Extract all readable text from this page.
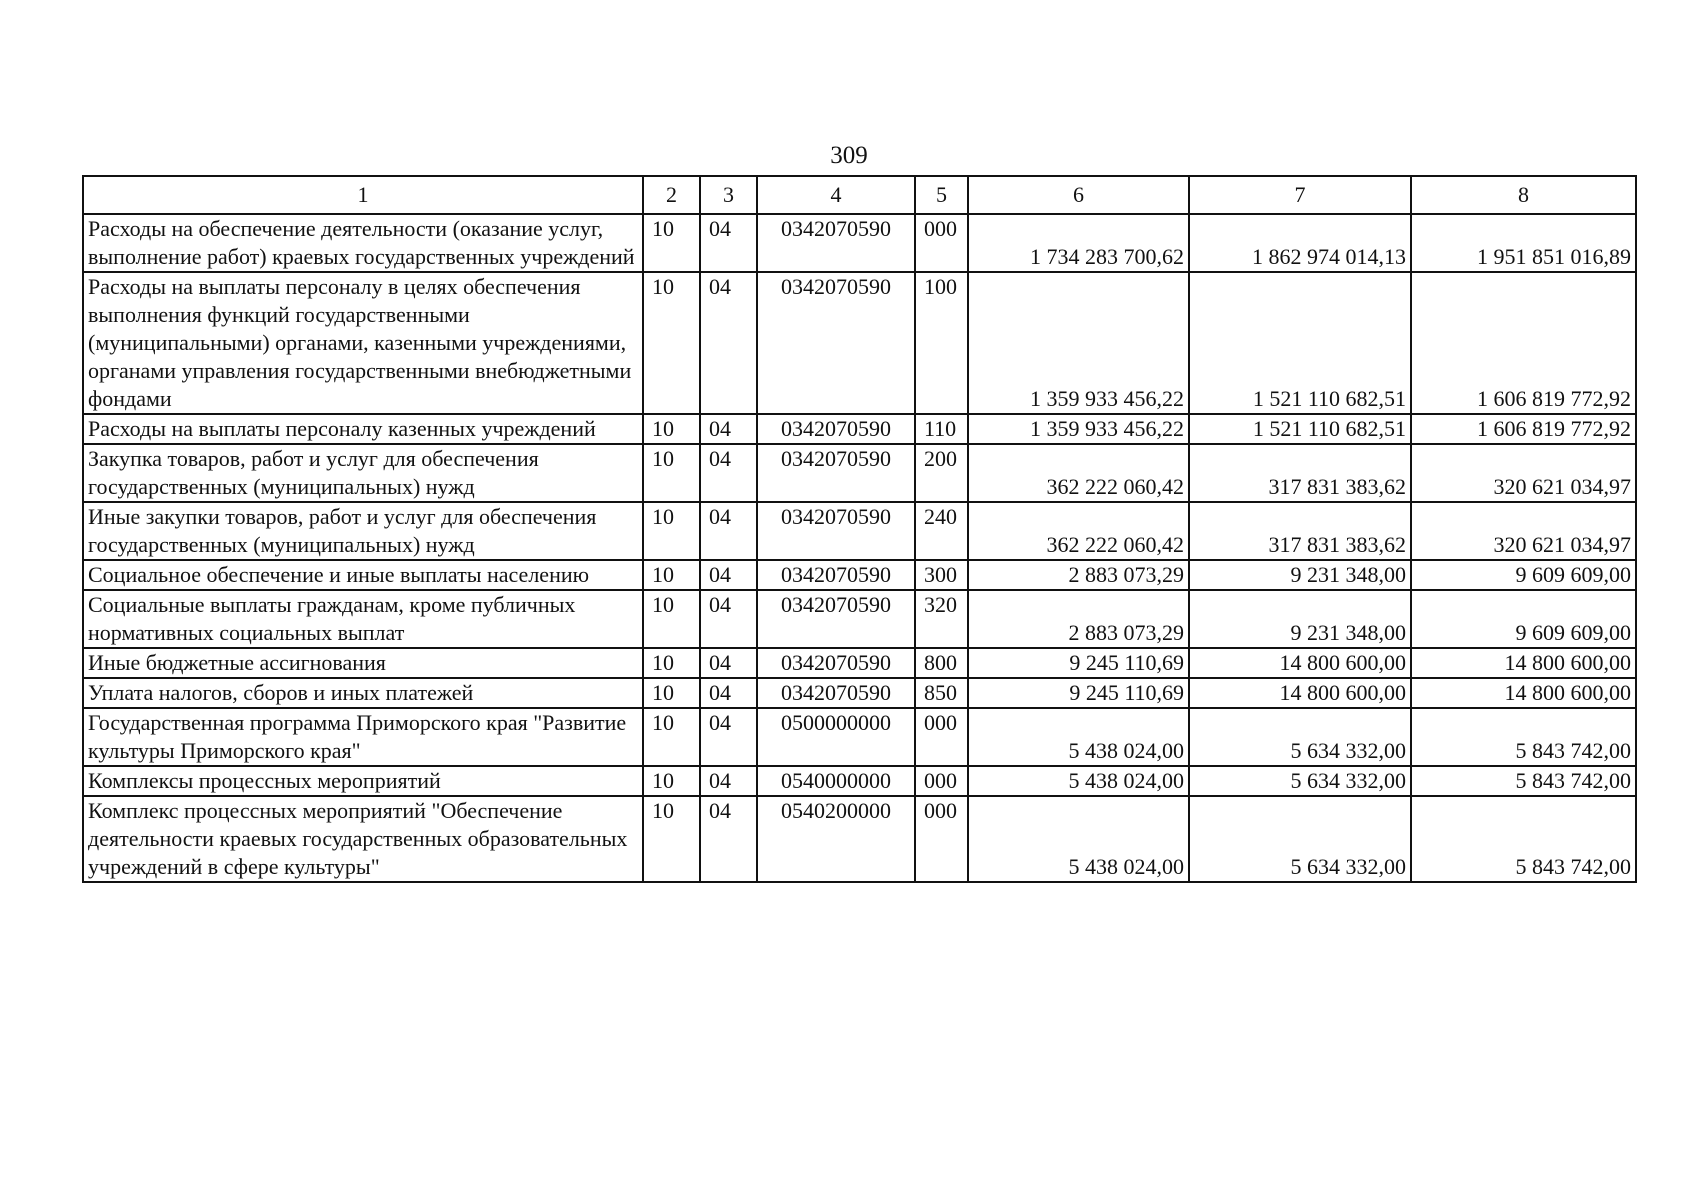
309
1	2	3	4	5	6	7	8
Расходы на обеспечение деятельности (оказание услуг, выполнение работ) краевых государственных учреждений	10	04	0342070590	000	1 734 283 700,62	1 862 974 014,13	1 951 851 016,89
Расходы на выплаты персоналу в целях обеспечения выполнения функций государственными (муниципальными) органами, казенными учреждениями, органами управления государственными внебюджетными фондами	10	04	0342070590	100	1 359 933 456,22	1 521 110 682,51	1 606 819 772,92
Расходы на выплаты персоналу казенных учреждений	10	04	0342070590	110	1 359 933 456,22	1 521 110 682,51	1 606 819 772,92
Закупка товаров, работ и услуг для обеспечения государственных (муниципальных) нужд	10	04	0342070590	200	362 222 060,42	317 831 383,62	320 621 034,97
Иные закупки товаров, работ и услуг для обеспечения государственных (муниципальных) нужд	10	04	0342070590	240	362 222 060,42	317 831 383,62	320 621 034,97
Социальное обеспечение и иные выплаты населению	10	04	0342070590	300	2 883 073,29	9 231 348,00	9 609 609,00
Социальные выплаты гражданам, кроме публичных нормативных социальных выплат	10	04	0342070590	320	2 883 073,29	9 231 348,00	9 609 609,00
Иные бюджетные ассигнования	10	04	0342070590	800	9 245 110,69	14 800 600,00	14 800 600,00
Уплата налогов, сборов и иных платежей	10	04	0342070590	850	9 245 110,69	14 800 600,00	14 800 600,00
Государственная программа Приморского края "Развитие культуры Приморского края"	10	04	0500000000	000	5 438 024,00	5 634 332,00	5 843 742,00
Комплексы процессных мероприятий	10	04	0540000000	000	5 438 024,00	5 634 332,00	5 843 742,00
Комплекс процессных мероприятий "Обеспечение деятельности краевых государственных образовательных учреждений в сфере культуры"	10	04	0540200000	000	5 438 024,00	5 634 332,00	5 843 742,00
